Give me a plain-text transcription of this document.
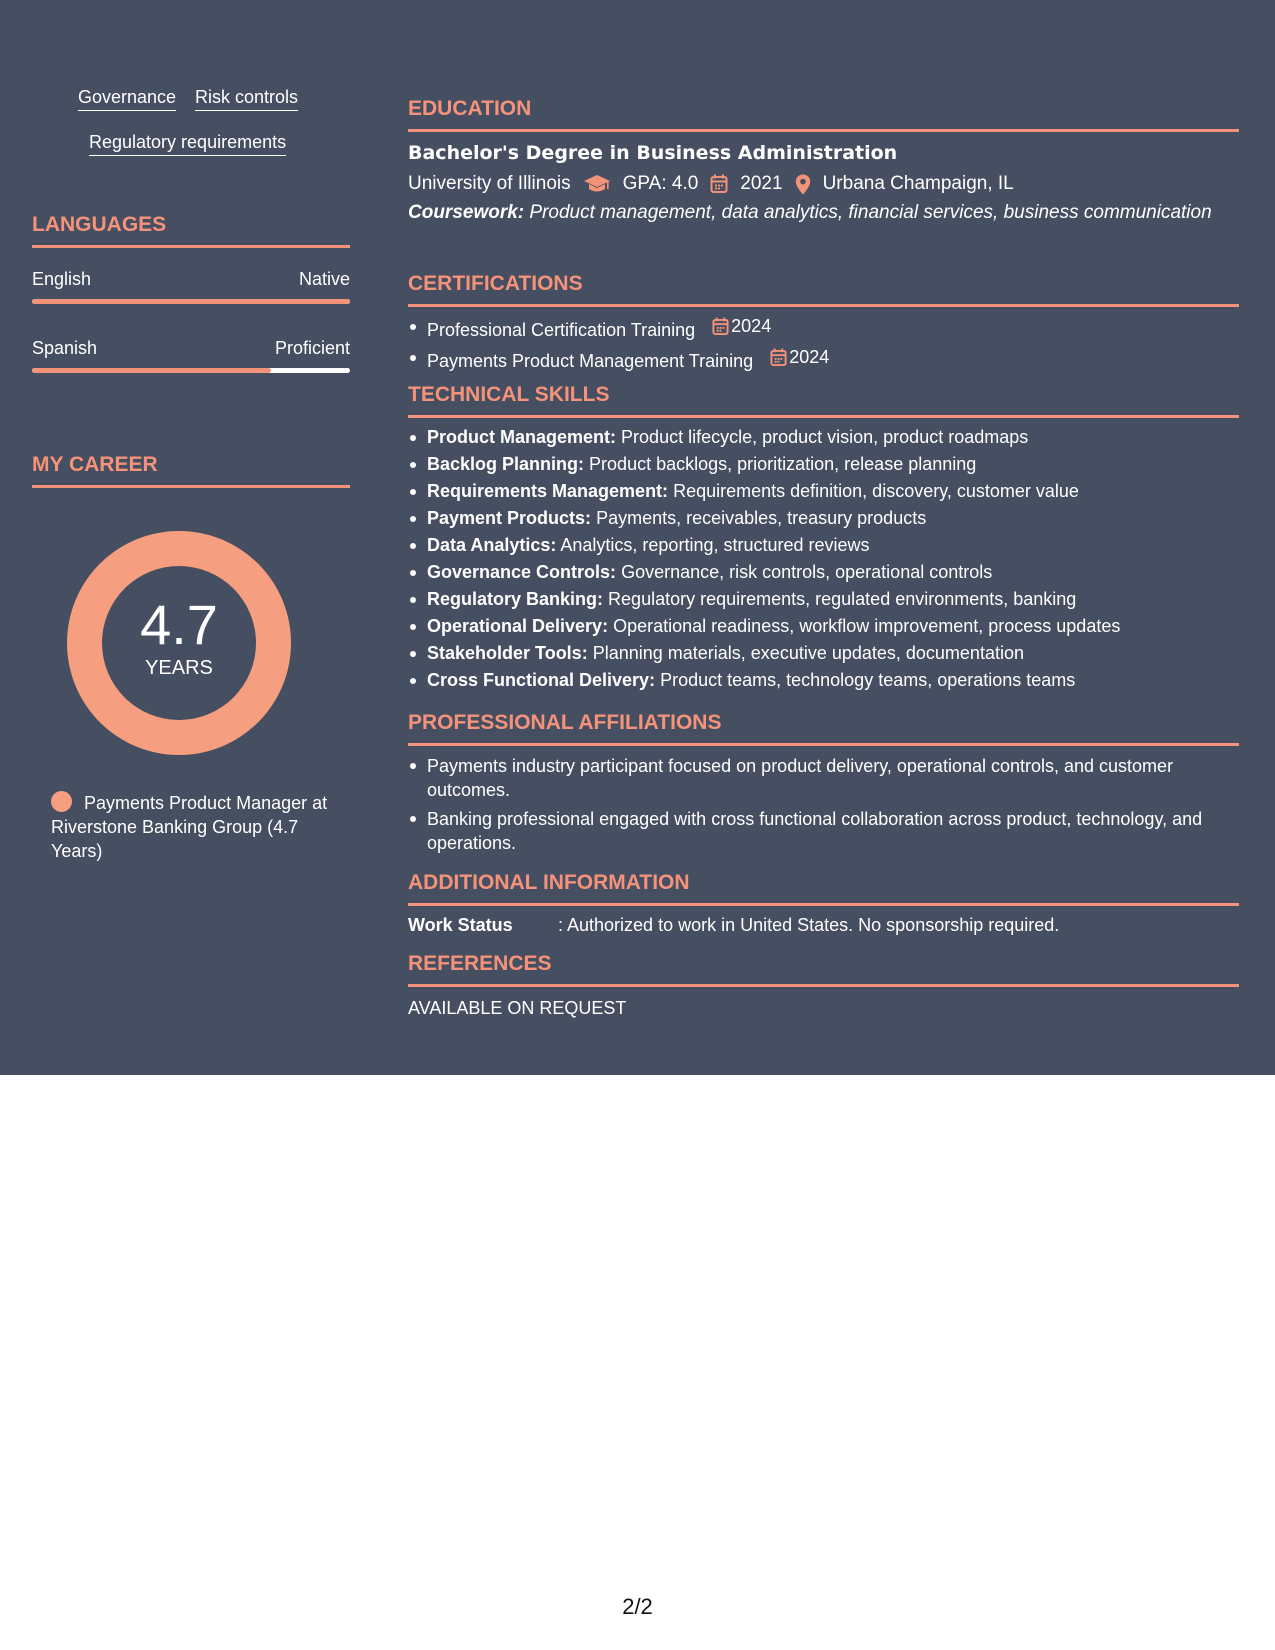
Governance Risk controls
Regulatory requirements
LANGUAGES
English	Native
Spanish	Proficient
MY CAREER
4.7
YEARS
Payments Product Manager at Riverstone Banking Group (4.7 Years)
EDUCATION
Bachelor's Degree in Business Administration
University of Illinois	GPA: 4.0 2021 Urbana Champaign, IL
Coursework: Product management, data analytics, financial services, business communication
CERTIFICATIONS
Professional Certification Training 2024
Payments Product Management Training 2024
TECHNICAL SKILLS
Product Management: Product lifecycle, product vision, product roadmaps
Backlog Planning: Product backlogs, prioritization, release planning
Requirements Management: Requirements definition, discovery, customer value
Payment Products: Payments, receivables, treasury products
Data Analytics: Analytics, reporting, structured reviews
Governance Controls: Governance, risk controls, operational controls
Regulatory Banking: Regulatory requirements, regulated environments, banking
Operational Delivery: Operational readiness, workflow improvement, process updates
Stakeholder Tools: Planning materials, executive updates, documentation
Cross Functional Delivery: Product teams, technology teams, operations teams
PROFESSIONAL AFFILIATIONS
Payments industry participant focused on product delivery, operational controls, and customer outcomes.
Banking professional engaged with cross functional collaboration across product, technology, and operations.
ADDITIONAL INFORMATION
Work Status	: Authorized to work in United States. No sponsorship required.
REFERENCES
AVAILABLE ON REQUEST
2/2
